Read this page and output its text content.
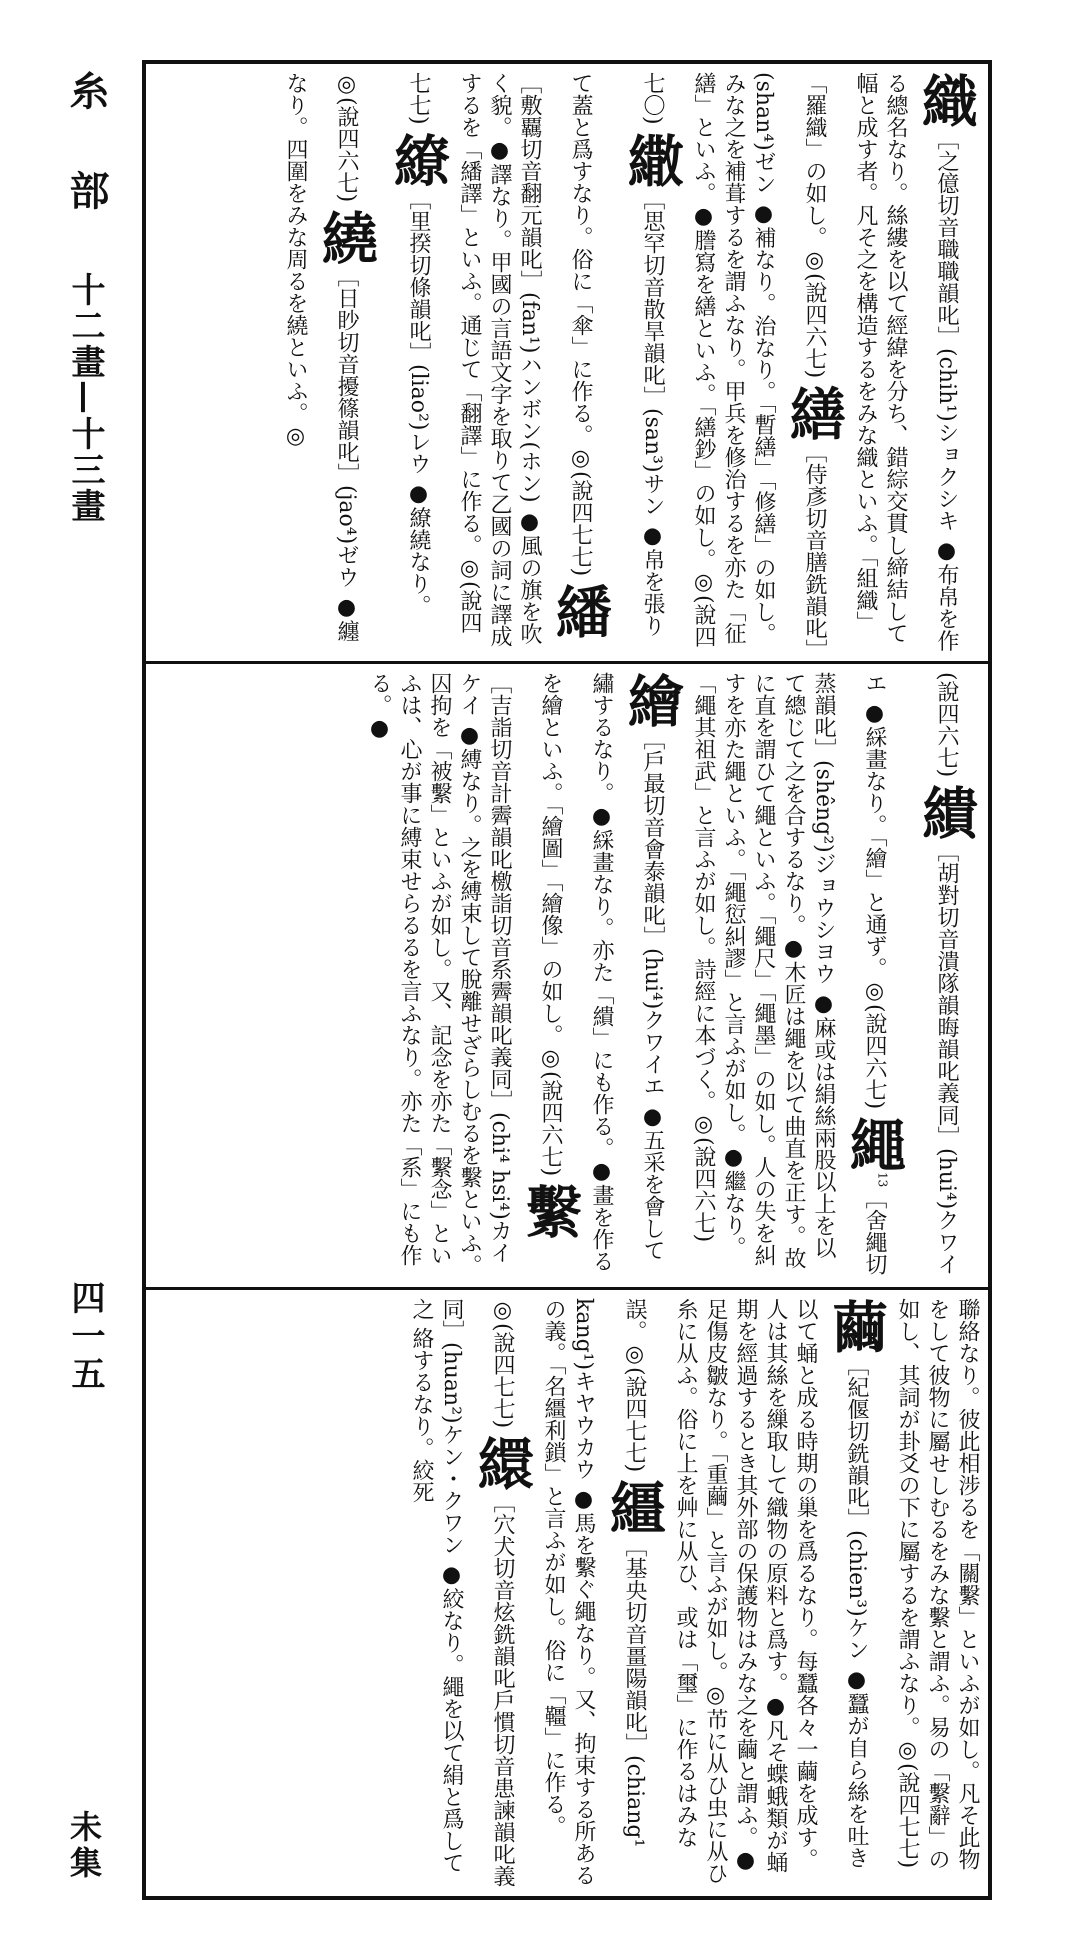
糸
部
十二畫—十三畫
四一五
未集
織［之億切音職職韻叱］(chih¹)ショクシキ ●布帛を作る總名なり。絲縷を以て經緯を分ち、錯綜交貫し締結して幅と成す者。凡そ之を構造するをみな織といふ。「組織」「羅織」の如し。◎(說四六七) 繕［侍彥切音膳銑韻叱］(shan⁴)ゼン ●補なり。治なり。「暫繕」「修繕」の如し。みな之を補葺するを謂ふなり。甲兵を修治するを亦た「征繕」といふ。●謄寫を繕といふ。「繕鈔」の如し。◎(說四七〇) 繖［思罕切音散旱韻叱］(san³)サン ●帛を張りて蓋と爲すなり。俗に「傘」に作る。◎(說四七七) 繙［敷覊切音翻元韻叱］(fan¹)ハンボン(ホン) ●風の旗を吹く貌。●譯なり。甲國の言語文字を取りて乙國の詞に譯成するを「繙譯」といふ。通じて「翻譯」に作る。◎(說四七七) 繚［里揆切條韻叱］(liao²)レウ ●繚繞なり。◎(說四六七) 繞［日眇切音擾篠韻叱］(jao⁴)ゼウ ●纏なり。四圍をみな周るを繞といふ。◎
(說四六七) 繢［胡對切音潰隊韻晦韻叱義同］(hui⁴)クワイエ ●綵畫なり。「繪」と通ず。◎(說四六七) 繩$^{13}$［舍繩切蒸韻叱］(shêng²)ジョウシヨウ ●麻或は絹絲兩股以上を以て總じて之を合するなり。●木匠は繩を以て曲直を正す。故に直を謂ひて繩といふ。「繩尺」「繩墨」の如し。人の失を糾すを亦た繩といふ。「繩愆糾謬」と言ふが如し。●繼なり。「繩其祖武」と言ふが如し。詩經に本づく。◎(說四六七) 繪［戶最切音會泰韻叱］(hui⁴)クワイエ ●五采を會して繡するなり。●綵畫なり。亦た「繢」にも作る。●畫を作るを繪といふ。「繪圖」「繪像」の如し。◎(說四六七) 繫［吉詣切音計霽韻叱檄詣切音系霽韻叱義同］(chi⁴ hsi⁴)カイケイ ●縛なり。之を縛束して脫離せざらしむるを繫といふ。囚拘を「被繫」といふが如し。又、記念を亦た「繫念」といふは、心が事に縛束せらるるを言ふなり。亦た「系」にも作る。●
聯絡なり。彼此相涉るを「關繫」といふが如し。凡そ此物をして彼物に屬せしむるをみな繫と謂ふ。易の「繫辭」の如し、其詞が卦爻の下に屬するを謂ふなり。◎(說四七七) 繭［紀偃切銑韻叱］(chien³)ケン ●蠶が自ら絲を吐き以て蛹と成る時期の巢を爲るなり。每蠶各々一繭を成す。人は其絲を繅取して織物の原料と爲す。●凡そ蝶蛾類が蛹期を經過するとき其外部の保護物はみな之を繭と謂ふ。●足傷皮皺なり。「重繭」と言ふが如し。◎芇に从ひ虫に从ひ糸に从ふ。俗に上を艸に从ひ、或は「璽」に作るはみな誤。◎(說四七七) 繮［基央切音畺陽韻叱］(chiang¹ kang¹)キヤウカウ ●馬を繫ぐ繩なり。又、拘束する所あるの義。「名繮利鎖」と言ふが如し。俗に「韁」に作る。◎(說四七七) 繯［穴犬切音炫銑韻叱戶慣切音患諫韻叱義同］(huan²)ケン・クワン ●絞なり。繩を以て絹と爲して之 絡するなり。絞死
